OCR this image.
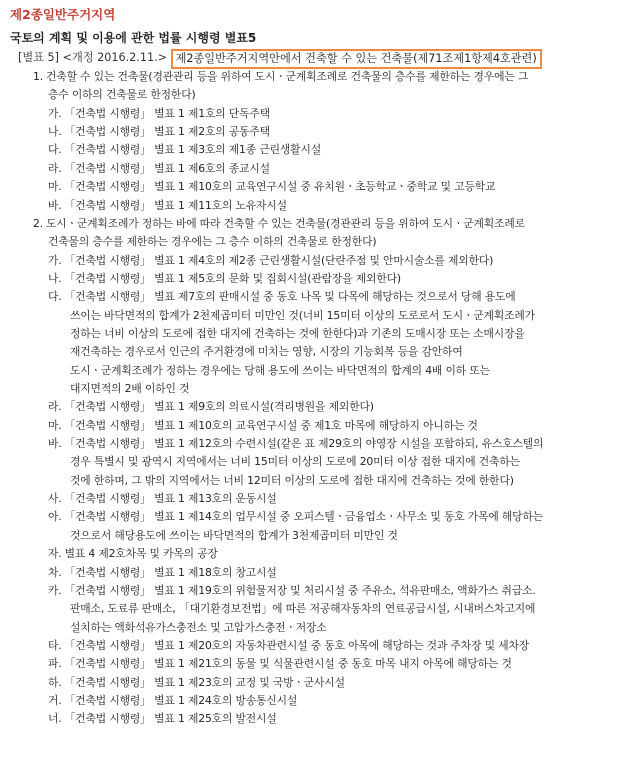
제2종일반주거지역
국토의 계획 및 이용에 관한 법률 시행령 별표5
[별표 5] <개정 2016.2.11.> 제2종일반주거지역안에서 건축할 수 있는 건축물(제71조제1항제4호관련)
1. 건축할 수 있는 건축물(경관관리 등을 위하여 도시ㆍ군계획조례로 건축물의 층수를 제한하는 경우에는 그
층수 이하의 건축물로 한정한다)
가. 「건축법 시행령」 별표 1 제1호의 단독주택
나. 「건축법 시행령」 별표 1 제2호의 공동주택
다. 「건축법 시행령」 별표 1 제3호의 제1종 근린생활시설
라. 「건축법 시행령」 별표 1 제6호의 종교시설
마. 「건축법 시행령」 별표 1 제10호의 교육연구시설 중 유치원ㆍ초등학교ㆍ중학교 및 고등학교
바. 「건축법 시행령」 별표 1 제11호의 노유자시설
2. 도시ㆍ군계획조례가 정하는 바에 따라 건축할 수 있는 건축물(경관관리 등을 위하여 도시ㆍ군계획조례로
건축물의 층수를 제한하는 경우에는 그 층수 이하의 건축물로 한정한다)
가. 「건축법 시행령」 별표 1 제4호의 제2종 근린생활시설(단란주점 및 안마시술소를 제외한다)
나. 「건축법 시행령」 별표 1 제5호의 문화 및 집회시설(관람장을 제외한다)
다. 「건축법 시행령」 별표 제7호의 판매시설 중 동호 나목 및 다목에 해당하는 것으로서 당해 용도에
쓰이는 바닥면적의 합계가 2천제곱미터 미만인 것(너비 15미터 이상의 도로로서 도시ㆍ군계획조례가
정하는 너비 이상의 도로에 접한 대지에 건축하는 것에 한한다)과 기존의 도매시장 또는 소매시장을
재건축하는 경우로서 인근의 주거환경에 미치는 영향, 시장의 기능회복 등을 감안하여
도시ㆍ군계획조례가 정하는 경우에는 당해 용도에 쓰이는 바닥면적의 합계의 4배 이하 또는
대지면적의 2배 이하인 것
라. 「건축법 시행령」 별표 1 제9호의 의료시설(격리병원을 제외한다)
마. 「건축법 시행령」 별표 1 제10호의 교육연구시설 중 제1호 마목에 해당하지 아니하는 것
바. 「건축법 시행령」 별표 1 제12호의 수련시설(같은 표 제29호의 야영장 시설을 포함하되, 유스호스텔의
경우 특별시 및 광역시 지역에서는 너비 15미터 이상의 도로에 20미터 이상 접한 대지에 건축하는
것에 한하며, 그 밖의 지역에서는 너비 12미터 이상의 도로에 접한 대지에 건축하는 것에 한한다)
사. 「건축법 시행령」 별표 1 제13호의 운동시설
아. 「건축법 시행령」 별표 1 제14호의 업무시설 중 오피스텔ㆍ금융업소ㆍ사무소 및 동호 가목에 해당하는
것으로서 해당용도에 쓰이는 바닥면적의 합계가 3천제곱미터 미만인 것
자. 별표 4 제2호차목 및 카목의 공장
차. 「건축법 시행령」 별표 1 제18호의 창고시설
카. 「건축법 시행령」 별표 1 제19호의 위험물저장 및 처리시설 중 주유소, 석유판매소, 액화가스 취급소.
판매소, 도료류 판매소, 「대기환경보전법」에 따른 저공해자동차의 연료공급시설, 시내버스차고지에
설치하는 액화석유가스충전소 및 고압가스충전ㆍ저장소
타. 「건축법 시행령」 별표 1 제20호의 자동차관련시설 중 동호 아목에 해당하는 것과 주차장 및 세차장
파. 「건축법 시행령」 별표 1 제21호의 동물 및 식물관련시설 중 동호 마목 내지 아목에 해당하는 것
하. 「건축법 시행령」 별표 1 제23호의 교정 및 국방ㆍ군사시설
거. 「건축법 시행령」 별표 1 제24호의 방송통신시설
너. 「건축법 시행령」 별표 1 제25호의 발전시설
